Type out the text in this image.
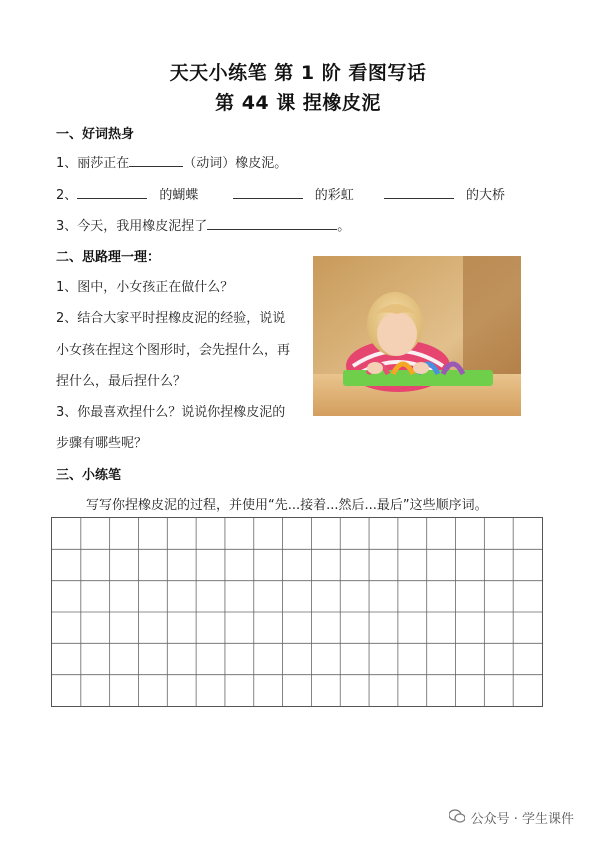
天天小练笔 第 1 阶 看图写话
第 44 课 捏橡皮泥
一、好词热身
1、丽莎正在	（动词）橡皮泥。
2、	的蝴蝶	的彩虹	的大桥
3、今天，我用橡皮泥捏了	。
二、思路理一理：
1、图中，小女孩正在做什么？
2、结合大家平时捏橡皮泥的经验，说说
小女孩在捏这个图形时，会先捏什么，再
捏什么，最后捏什么？
3、你最喜欢捏什么？说说你捏橡皮泥的
步骤有哪些呢？
三、小练笔
写写你捏橡皮泥的过程，并使用“先...接着...然后...最后”这些顺序词。
公众号 · 学生课件
